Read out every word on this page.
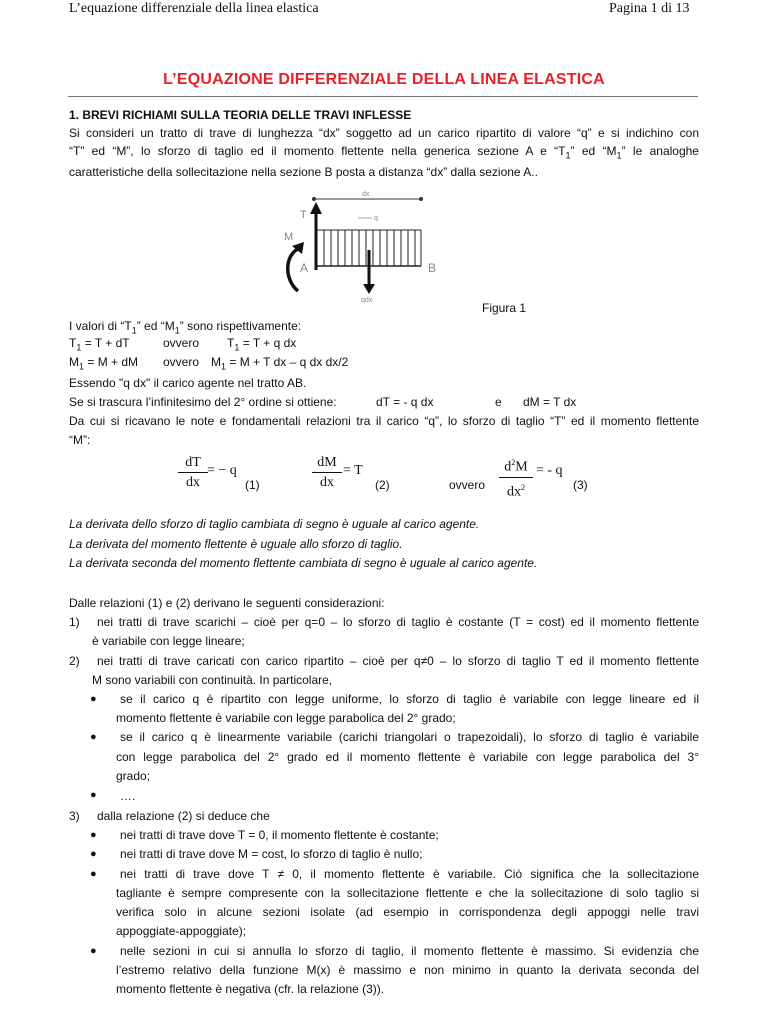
L’equazione differenziale della linea elastica	Pagina 1 di 13
L’EQUAZIONE DIFFERENZIALE DELLA LINEA ELASTICA
1. BREVI RICHIAMI SULLA TEORIA DELLE TRAVI INFLESSE
Si consideri un tratto di trave di lunghezza “dx” soggetto ad un carico ripartito di valore “q” e si indichino con
“T” ed “M”, lo sforzo di taglio ed il momento flettente nella generica sezione A e “$T_1$” ed “$M_1$” le analoghe
caratteristiche della sollecitazione nella sezione B posta a distanza “dx” dalla sezione A..
dx
q
T
M
qdx
A	B
Figura 1
I valori di “$T_1$” ed “$M_1$” sono rispettivamente:
$T_1 = T$ + dT	ovvero $T_1 = T + q$ dx
$M_1 = M$ + dM ovvero $M_1 = M + T$ dx – q dx dx/2
Essendo "q dx" il carico agente nel tratto AB.
Se si trascura l’infinitesimo del 2° ordine si ottiene:	dT = - q dx	e dM = T dx
Da cui si ricavano le note e fondamentali relazioni tra il carico “q”, lo sforzo di taglio “T” ed il momento flettente
“M”:
dT
dx
= − q
(1)
dM
dx
= T
(2)	ovvero
$d^2M$
$dx^2$
= - q
(3)
La derivata dello sforzo di taglio cambiata di segno è uguale al carico agente.
La derivata del momento flettente è uguale allo sforzo di taglio.
La derivata seconda del momento flettente cambiata di segno è uguale al carico agente.
Dalle relazioni (1) e (2) derivano le seguenti considerazioni:
1) nei tratti di trave scarichi – cioè per q=0 – lo sforzo di taglio è costante (T = cost) ed il momento flettente
è variabile con legge lineare;
2) nei tratti di trave caricati con carico ripartito – cioè per q≠0 – lo sforzo di taglio T ed il momento flettente
M sono variabili con continuità. In particolare,
● se il carico q è ripartito con legge uniforme, lo sforzo di taglio è variabile con legge lineare ed il
momento flettente è variabile con legge parabolica del 2° grado;
● se il carico q è linearmente variabile (carichi triangolari o trapezoidali), lo sforzo di taglio è variabile
con legge parabolica del 2° grado ed il momento flettente è variabile con legge parabolica del 3°
grado;
● ….
3) dalla relazione (2) si deduce che
● nei tratti di trave dove T = 0, il momento flettente è costante;
● nei tratti di trave dove M = cost, lo sforzo di taglio è nullo;
● nei tratti di trave dove T ≠ 0, il momento flettente è variabile. Ciò significa che la sollecitazione
tagliante è sempre compresente con la sollecitazione flettente e che la sollecitazione di solo taglio si
verifica solo in alcune sezioni isolate (ad esempio in corrispondenza degli appoggi nelle travi
appoggiate-appoggiate);
● nelle sezioni in cui si annulla lo sforzo di taglio, il momento flettente è massimo. Si evidenzia che
l’estremo relativo della funzione M(x) è massimo e non minimo in quanto la derivata seconda del
momento flettente è negativa (cfr. la relazione (3)).
